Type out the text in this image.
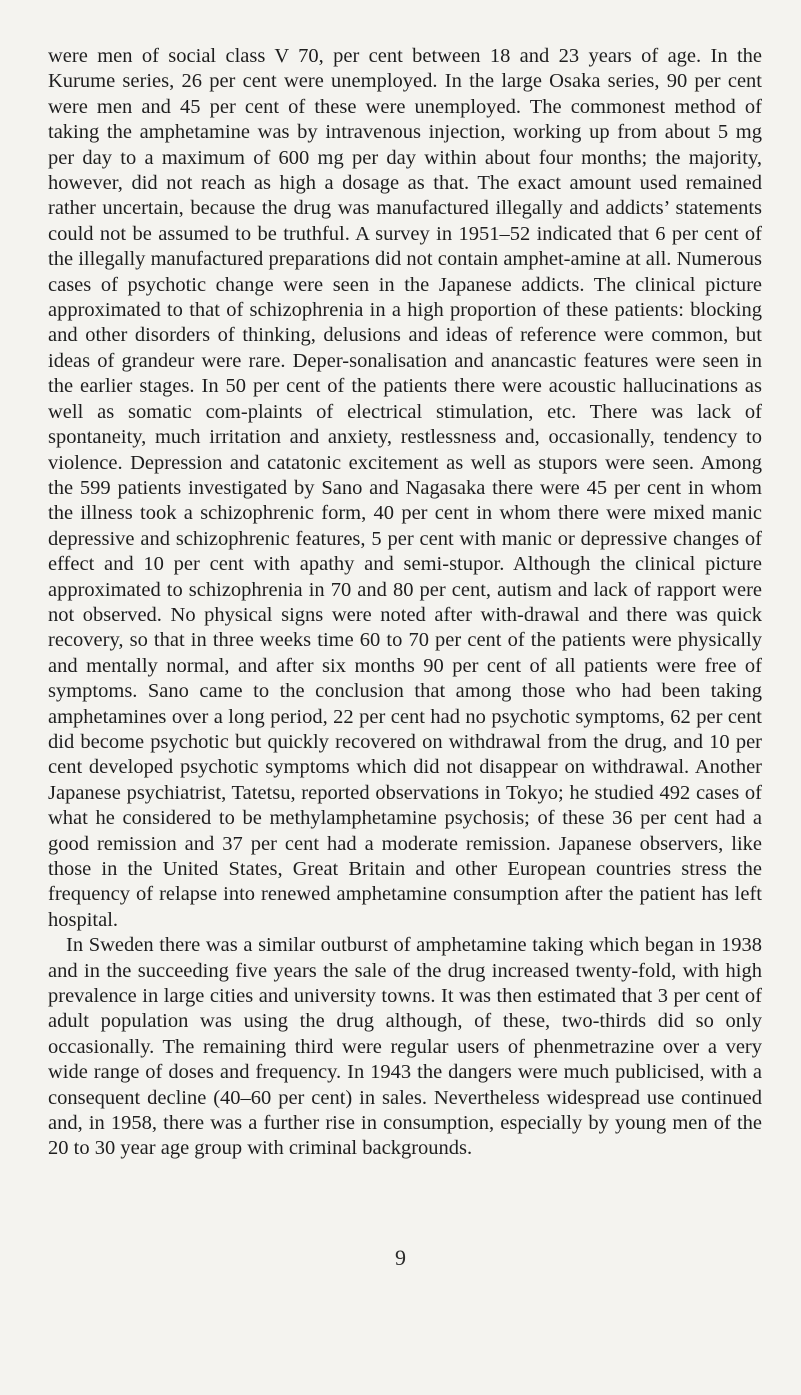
were men of social class V 70, per cent between 18 and 23 years of age. In the Kurume series, 26 per cent were unemployed. In the large Osaka series, 90 per cent were men and 45 per cent of these were unemployed. The commonest method of taking the amphetamine was by intravenous injection, working up from about 5 mg per day to a maximum of 600 mg per day within about four months; the majority, however, did not reach as high a dosage as that. The exact amount used remained rather uncertain, because the drug was manufactured illegally and addicts’ statements could not be assumed to be truthful. A survey in 1951–52 indicated that 6 per cent of the illegally manufactured preparations did not contain amphet-amine at all. Numerous cases of psychotic change were seen in the Japanese addicts. The clinical picture approximated to that of schizophrenia in a high proportion of these patients: blocking and other disorders of thinking, delusions and ideas of reference were common, but ideas of grandeur were rare. Deper-sonalisation and anancastic features were seen in the earlier stages. In 50 per cent of the patients there were acoustic hallucinations as well as somatic com-plaints of electrical stimulation, etc. There was lack of spontaneity, much irritation and anxiety, restlessness and, occasionally, tendency to violence. Depression and catatonic excitement as well as stupors were seen. Among the 599 patients investigated by Sano and Nagasaka there were 45 per cent in whom the illness took a schizophrenic form, 40 per cent in whom there were mixed manic depressive and schizophrenic features, 5 per cent with manic or depressive changes of effect and 10 per cent with apathy and semi-stupor. Although the clinical picture approximated to schizophrenia in 70 and 80 per cent, autism and lack of rapport were not observed. No physical signs were noted after with-drawal and there was quick recovery, so that in three weeks time 60 to 70 per cent of the patients were physically and mentally normal, and after six months 90 per cent of all patients were free of symptoms. Sano came to the conclusion that among those who had been taking amphetamines over a long period, 22 per cent had no psychotic symptoms, 62 per cent did become psychotic but quickly recovered on withdrawal from the drug, and 10 per cent developed psychotic symptoms which did not disappear on withdrawal. Another Japanese psychiatrist, Tatetsu, reported observations in Tokyo; he studied 492 cases of what he considered to be methylamphetamine psychosis; of these 36 per cent had a good remission and 37 per cent had a moderate remission. Japanese observers, like those in the United States, Great Britain and other European countries stress the frequency of relapse into renewed amphetamine consumption after the patient has left hospital.

In Sweden there was a similar outburst of amphetamine taking which began in 1938 and in the succeeding five years the sale of the drug increased twenty-fold, with high prevalence in large cities and university towns. It was then estimated that 3 per cent of adult population was using the drug although, of these, two-thirds did so only occasionally. The remaining third were regular users of phenmetrazine over a very wide range of doses and frequency. In 1943 the dangers were much publicised, with a consequent decline (40–60 per cent) in sales. Nevertheless widespread use continued and, in 1958, there was a further rise in consumption, especially by young men of the 20 to 30 year age group with criminal backgrounds.

9
